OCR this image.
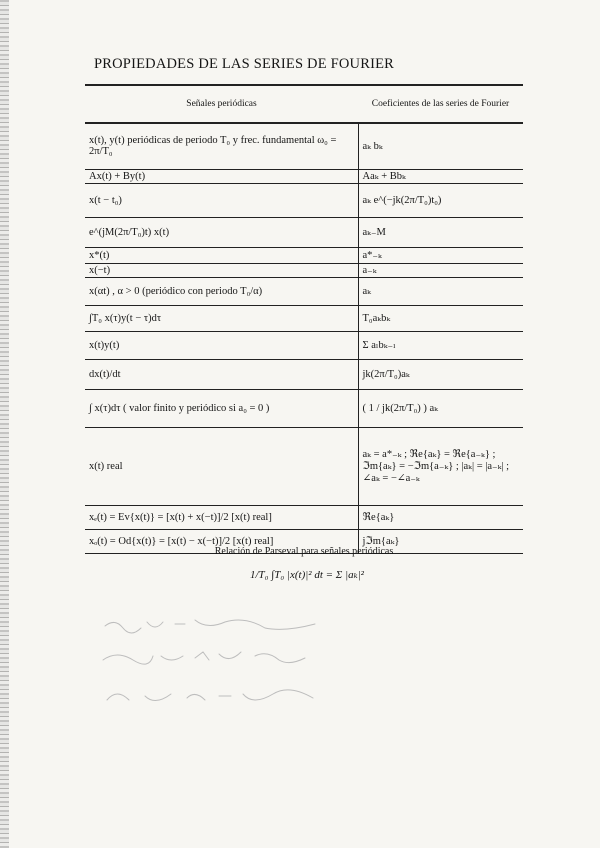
PROPIEDADES DE LAS SERIES DE FOURIER
Señales periódicas	Coeficientes de las series de Fourier
x(t), y(t) periódicas de periodo T₀ y frec. fundamental ω₀ = 2π/T₀	aₖ bₖ
Ax(t) + By(t)	Aaₖ + Bbₖ
x(t − t₀)	aₖ e^(−jk(2π/T₀)t₀)
e^(jM(2π/T₀)t) x(t)	aₖ₋M
x*(t)	a*₋ₖ
x(−t)	a₋ₖ
x(αt) , α > 0 (periódico con periodo T₀/α)	aₖ
∫T₀ x(τ)y(t − τ)dτ	T₀aₖbₖ
x(t)y(t)	Σ aₗbₖ₋ₗ
dx(t)/dt	jk(2π/T₀)aₖ
∫ x(τ)dτ ( valor finito y periódico si a₀ = 0 )	( 1 / jk(2π/T₀) ) aₖ
x(t) real	aₖ = a*₋ₖ ; ℜe{aₖ} = ℜe{a₋ₖ} ; ℑm{aₖ} = −ℑm{a₋ₖ} ; |aₖ| = |a₋ₖ| ; ∠aₖ = −∠a₋ₖ
xₑ(t) = Ev{x(t)} = [x(t) + x(−t)]/2 [x(t) real]	ℜe{aₖ}
xₒ(t) = Od{x(t)} = [x(t) − x(−t)]/2 [x(t) real]	jℑm{aₖ}
Relación de Parseval para señales periódicas
1/T₀ ∫T₀ |x(t)|² dt = Σ |aₖ|²
